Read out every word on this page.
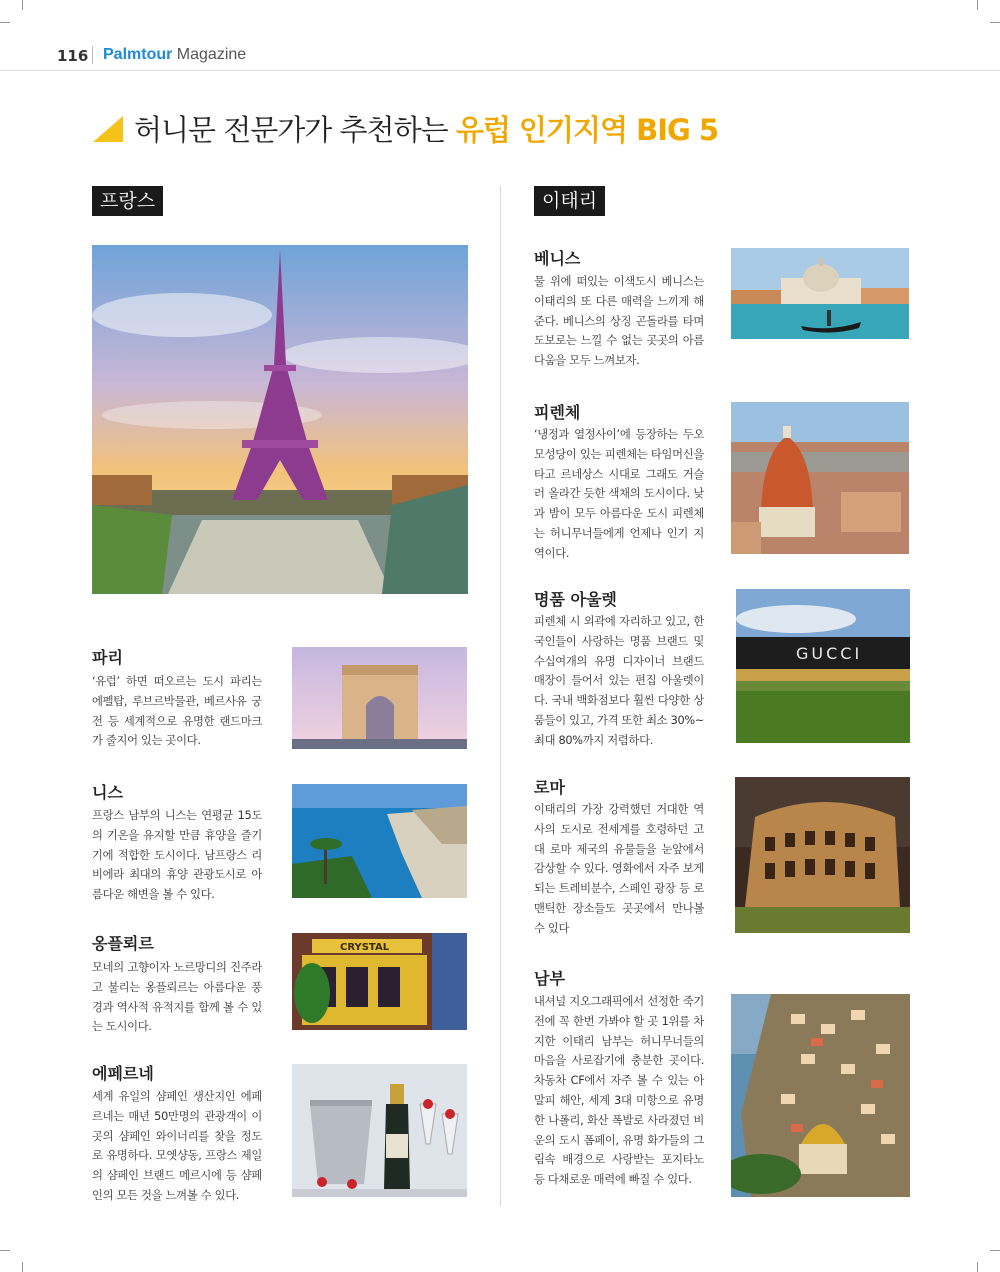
116 Palmtour Magazine
허니문 전문가가 추천하는 유럽 인기지역 BIG 5
프랑스
파리
‘유럽’ 하면 떠오르는 도시 파리는 에펠탑, 루브르박물관, 베르사유 궁전 등 세계적으로 유명한 랜드마크가 줄지어 있는 곳이다.
니스
프랑스 남부의 니스는 연평균 15도의 기온을 유지할 만큼 휴양을 즐기기에 적합한 도시이다. 남프랑스 리비에라 최대의 휴양 관광도시로 아름다운 해변을 볼 수 있다.
옹플뢰르
모네의 고향이자 노르망디의 진주라고 불리는 옹플뢰르는 아름다운 풍경과 역사적 유적지를 함께 볼 수 있는 도시이다.
CRYSTAL
에페르네
세계 유일의 샴페인 생산지인 에페르네는 매년 50만명의 관광객이 이곳의 샴페인 와이너리를 찾을 정도로 유명하다. 모엣샹동, 프랑스 제일의 샴페인 브랜드 메르시에 등 샴페인의 모든 것을 느껴볼 수 있다.
이태리
베니스
물 위에 떠있는 이색도시 베니스는 이태리의 또 다른 매력을 느끼게 해준다. 베니스의 상징 곤돌라를 타며 도보로는 느낄 수 없는 곳곳의 아름다움을 모두 느껴보자.
피렌체
‘냉정과 열정사이’에 등장하는 두오모성당이 있는 피렌체는 타임머신을 타고 르네상스 시대로 그래도 거슬러 올라간 듯한 색채의 도시이다. 낮과 밤이 모두 아름다운 도시 피렌체는 허니무너들에게 언제나 인기 지역이다.
명품 아울렛
피렌체 시 외곽에 자리하고 있고, 한국인들이 사랑하는 명품 브랜드 및 수십여개의 유명 디자이너 브랜드 매장이 들어서 있는 편집 아울렛이다. 국내 백화점보다 훨씬 다양한 상품들이 있고, 가격 또한 최소 30%~최대 80%까지 저렴하다.
GUCCI
로마
이태리의 가장 강력했던 거대한 역사의 도시로 전세계를 호령하던 고대 로마 제국의 유물들을 눈앞에서 감상할 수 있다. 영화에서 자주 보게 되는 트레비분수, 스페인 광장 등 로맨틱한 장소들도 곳곳에서 만나볼 수 있다
남부
내셔널 지오그래픽에서 선정한 죽기 전에 꼭 한번 가봐야 할 곳 1위를 차지한 이태리 남부는 허니무너들의 마음을 사로잡기에 충분한 곳이다. 차동차 CF에서 자주 볼 수 있는 아말피 해안, 세계 3대 미항으로 유명한 나폴리, 화산 폭발로 사라졌던 비운의 도시 폼페이, 유명 화가들의 그림속 배경으로 사랑받는 포지타노 등 다채로운 매력에 빠질 수 있다.
